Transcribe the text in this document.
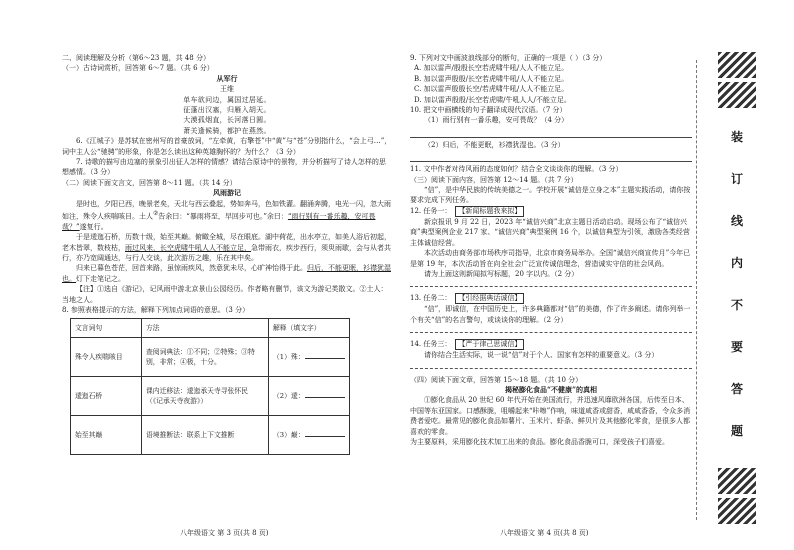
二、阅读理解及分析（第6～23 题，共 48 分）

（一）古诗词赏析，回答第 6～7 题。（共 6 分）

从军行

王维

单车欲问边，属国过居延。

征蓬出汉塞，归雁入胡天。

大漠孤烟直，长河落日圆。

萧关逢候骑，都护在燕然。

6.《江城子》是苏轼在密州写的首豪放词，“左牵黄，右擎苍”中“黄”与“苍”分别指什么，“会上弓…”，词中主人公“驰骋”的形象，你是怎么读出这种英雄胸怀的？为什么？（3 分）

7. 诗歌的描写由边塞的景象引出征人怎样的情感？请结合原诗中的景物，并分析描写了诗人怎样的思想感情。（3 分）

（二）阅读下面文言文，回答第 8～11 题。（共 14 分）

风雨游记

是时也，夕阳已西，晚景老矣，天北与西云叠起，势如奔马，色如铁灌。翻涌奔腾，电光一闪，忽大雨如注，殊令人疾喘咳目。土人②告余曰：“暴雨将至，早回步可也。”余曰：“雨行别有一番乐趣，安可畏哉？”遂复行。

于是逶迤石桥，历数十级，始至其巅。俯瞰全城，尽在眼底。湖中荷花，出水亭立，如美人浴后初起，老木皆翠，数枝枯，雨过风来，长空虎啸牛吼人人不能立足，急带雨衣，疾步西行，须臾雨歇，会与从者共行，亦乃宽阔通达，与行人交谈，此次游历之趣，乐在其中矣。

归来已暮色苍茫，回首来路，虽惊雨疾风，然意犹未尽，心旷神怡得于此。归后，不能更眠，衫襟犹湿也。灯下走笔记之。

【注】①选自《游记》，记风雨中游北京景山公园经历。作者略有删节，该文为游记类散文。②土人：当地之人。

8. 参照表格提示的方法，解释下列加点词语的意思。（3 分）

文言词句	方法	解释（填文字）
殊令人疾喘咳目	查阅词典法：①不同；②特殊；③特别，非常；④极，十分。	（1）殊：
逶迤石桥	课内迁移法：逶迤承天寺寻张怀民（《记承天寺夜游》）	（2）逶：
始至其巅	语境推断法：联系上下文推断	（3）巅：
八年级语文 第 3 页(共 8 页)

9. 下列对文中画波浪线部分的断句，正确的一项是（ ）（3 分）

A. 加以雷声/殷殷长空若虎啸牛吼/人人不能立足。

B. 加以雷声殷殷/长空若虎啸牛吼/人人不能立足。

C. 加以雷声殷殷长空/若虎啸牛吼/人人不能立足。

D. 加以雷声殷殷/长空若虎啸/牛吼人人/不能立足。

10. 把文中画横线的句子翻译成现代汉语。（7 分）

（1）雨行别有一番乐趣，安可畏哉？（4 分）

（2）归后，不能更眠，衫襟犹湿也。（3 分）

11. 文中作者对待风雨的态度如何？结合全文谈谈你的理解。（3 分）

（三）阅读下面内容，回答第 12～14 题。（共 7 分）

“信”，是中华民族的传统美德之一。学校开展“诚信是立身之本”主题实践活动，请你按要求完成下列任务。

12. 任务一： 【新闻标题我来拟】

新京报讯 9 月 22 日，2023 年“诚信兴商”北京主题日活动启动。现场公布了“诚信兴商”典型案例企业 217 家、“诚信兴商”典型案例 16 个，以诚信典型为引领，激励各类经营主体诚信经营。

本次活动由商务部市场秩序司指导，北京市商务局举办。全国“诚信兴商宣传月”今年已是第 19 年，本次活动旨在向全社会广泛宣传诚信理念，营造诚实守信的社会风尚。

请为上面这则新闻拟写标题，20 字以内。（2 分）

13. 任务二： 【引经据典话诚信】

“信”，即诚信，在中国历史上，许多典籍都对“信”的美德，作了许多阐述。请你列举一个有关“信”的名言警句，或谈谈你的理解。（2 分）

14. 任务三： 【严于律己思诚信】

请你结合生活实际，说一说“信”对于个人、国家有怎样的重要意义。（3 分）

（四）阅读下面文章，回答第 15～18 题。（共 10 分）

揭秘膨化食品“不健康”的真相

①膨化食品从 20 世纪 60 年代开始在美国流行，并迅速风靡欧洲各国，后传至日本、中国等东亚国家。口感酥脆，咀嚼起来“咔嚓”作响，味道咸香或甜香，咸咸香香，令众多消费者爱吃。最常见的膨化食品如薯片、玉米片、虾条、鲜贝片及其他膨化零食，是很多人都喜欢的零食。

为主要原料，采用膨化技术加工出来的食品。膨化食品香脆可口，深受孩子们喜爱。

八年级语文 第 4 页(共 8 页)
装
订
线
内
不
要
答
题
